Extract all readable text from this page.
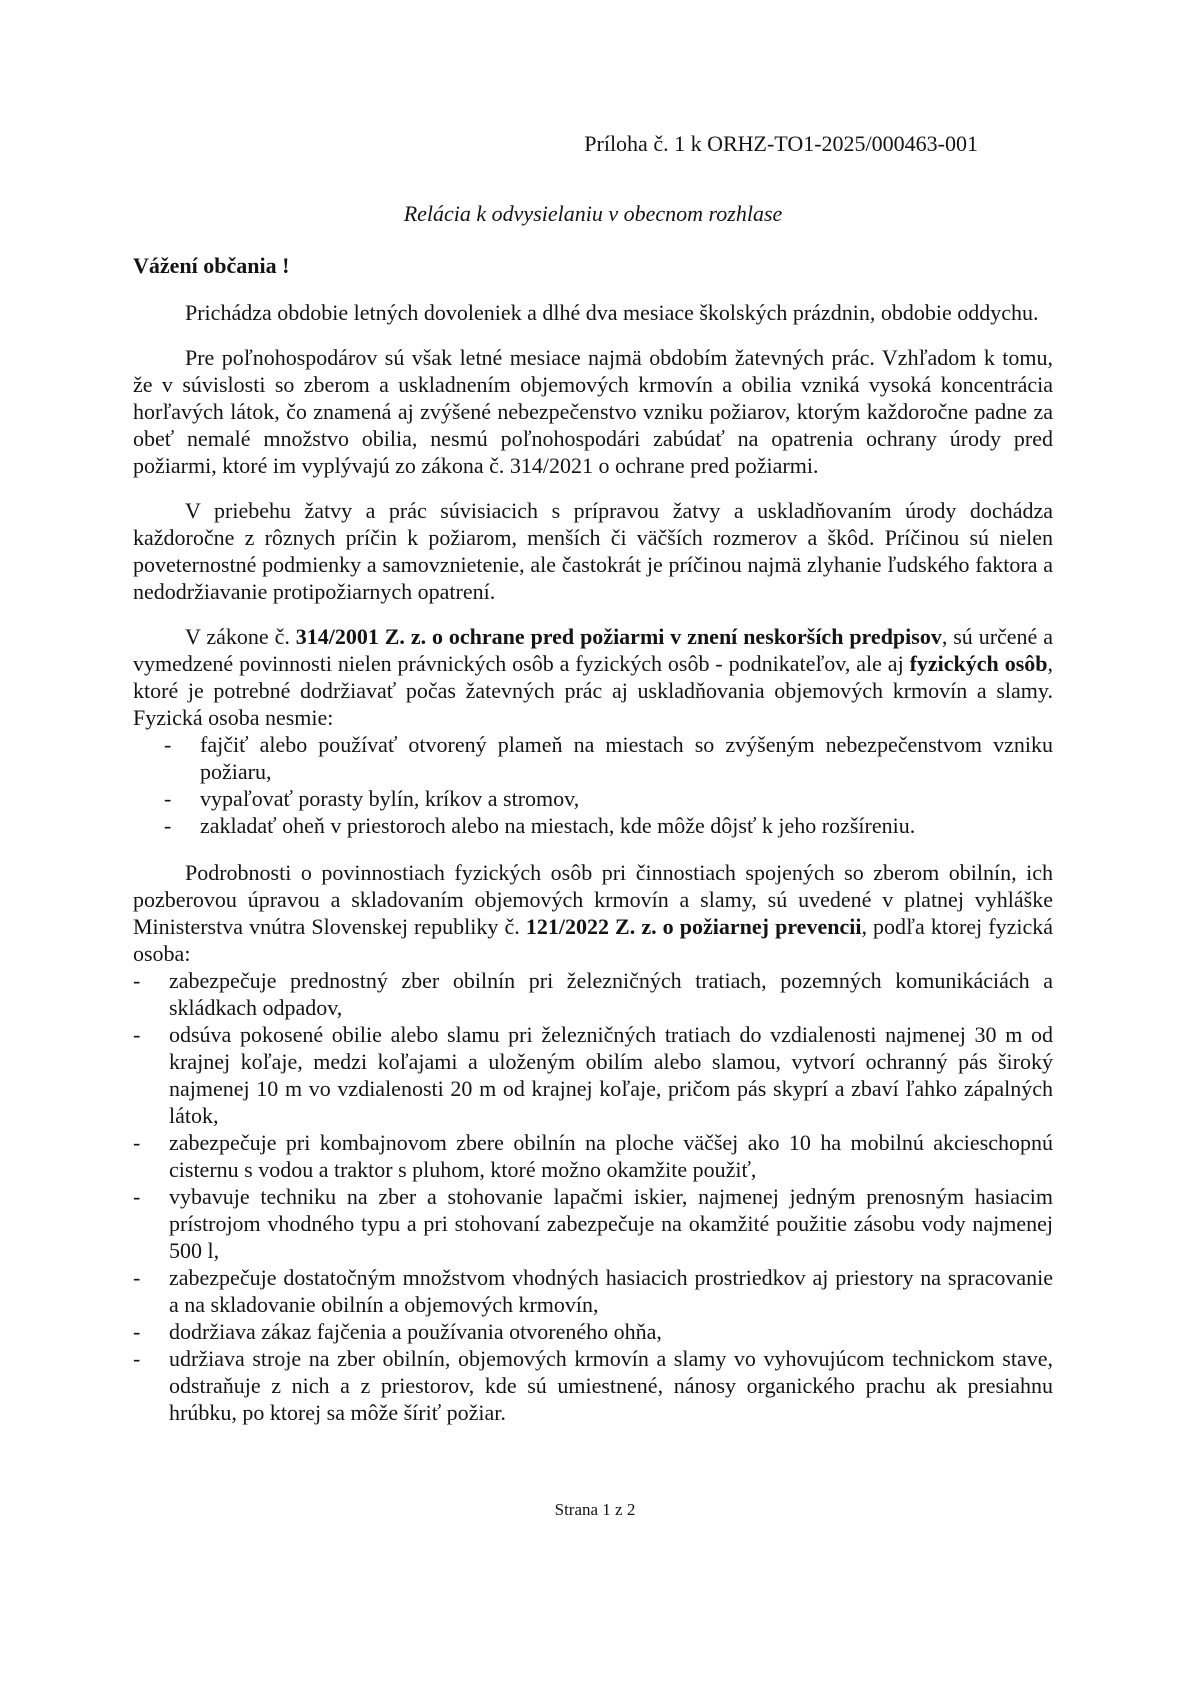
Príloha č. 1 k ORHZ-TO1-2025/000463-001
Relácia k odvysielaniu v obecnom rozhlase
Vážení občania !

Prichádza obdobie letných dovoleniek a dlhé dva mesiace školských prázdnin, obdobie oddychu.

Pre poľnohospodárov sú však letné mesiace najmä obdobím žatevných prác. Vzhľadom k tomu, že v súvislosti so zberom a uskladnením objemových krmovín a obilia vzniká vysoká koncentrácia horľavých látok, čo znamená aj zvýšené nebezpečenstvo vzniku požiarov, ktorým každoročne padne za obeť nemalé množstvo obilia, nesmú poľnohospodári zabúdať na opatrenia ochrany úrody pred požiarmi, ktoré im vyplývajú zo zákona č. 314/2021 o ochrane pred požiarmi.

V priebehu žatvy a prác súvisiacich s prípravou žatvy a uskladňovaním úrody dochádza každoročne z rôznych príčin k požiarom, menších či väčších rozmerov a škôd. Príčinou sú nielen poveternostné podmienky a samovznietenie, ale častokrát je príčinou najmä zlyhanie ľudského faktora a nedodržiavanie protipožiarnych opatrení.

V zákone č. 314/2001 Z. z. o ochrane pred požiarmi v znení neskorších predpisov, sú určené a vymedzené povinnosti nielen právnických osôb a fyzických osôb - podnikateľov, ale aj fyzických osôb, ktoré je potrebné dodržiavať počas žatevných prác aj uskladňovania objemových krmovín a slamy. Fyzická osoba nesmie:

-	fajčiť alebo používať otvorený plameň na miestach so zvýšeným nebezpečenstvom vzniku požiaru,
-	vypaľovať porasty bylín, kríkov a stromov,
-	zakladať oheň v priestoroch alebo na miestach, kde môže dôjsť k jeho rozšíreniu.

Podrobnosti o povinnostiach fyzických osôb pri činnostiach spojených so zberom obilnín, ich pozberovou úpravou a skladovaním objemových krmovín a slamy, sú uvedené v platnej vyhláške Ministerstva vnútra Slovenskej republiky č. 121/2022 Z. z. o požiarnej prevencii, podľa ktorej fyzická osoba:

-	zabezpečuje prednostný zber obilnín pri železničných tratiach, pozemných komunikáciách a skládkach odpadov,
-	odsúva pokosené obilie alebo slamu pri železničných tratiach do vzdialenosti najmenej 30 m od krajnej koľaje, medzi koľajami a uloženým obilím alebo slamou, vytvorí ochranný pás široký najmenej 10 m vo vzdialenosti 20 m od krajnej koľaje, pričom pás skyprí a zbaví ľahko zápalných látok,
-	zabezpečuje pri kombajnovom zbere obilnín na ploche väčšej ako 10 ha mobilnú akcieschopnú cisternu s vodou a traktor s pluhom, ktoré možno okamžite použiť,
-	vybavuje techniku na zber a stohovanie lapačmi iskier, najmenej jedným prenosným hasiacim prístrojom vhodného typu a pri stohovaní zabezpečuje na okamžité použitie zásobu vody najmenej 500 l,
-	zabezpečuje dostatočným množstvom vhodných hasiacich prostriedkov aj priestory na spracovanie a na skladovanie obilnín a objemových krmovín,
-	dodržiava zákaz fajčenia a používania otvoreného ohňa,
-	udržiava stroje na zber obilnín, objemových krmovín a slamy vo vyhovujúcom technickom stave, odstraňuje z nich a z priestorov, kde sú umiestnené, nánosy organického prachu ak presiahnu hrúbku, po ktorej sa môže šíriť požiar.
Strana 1 z 2
